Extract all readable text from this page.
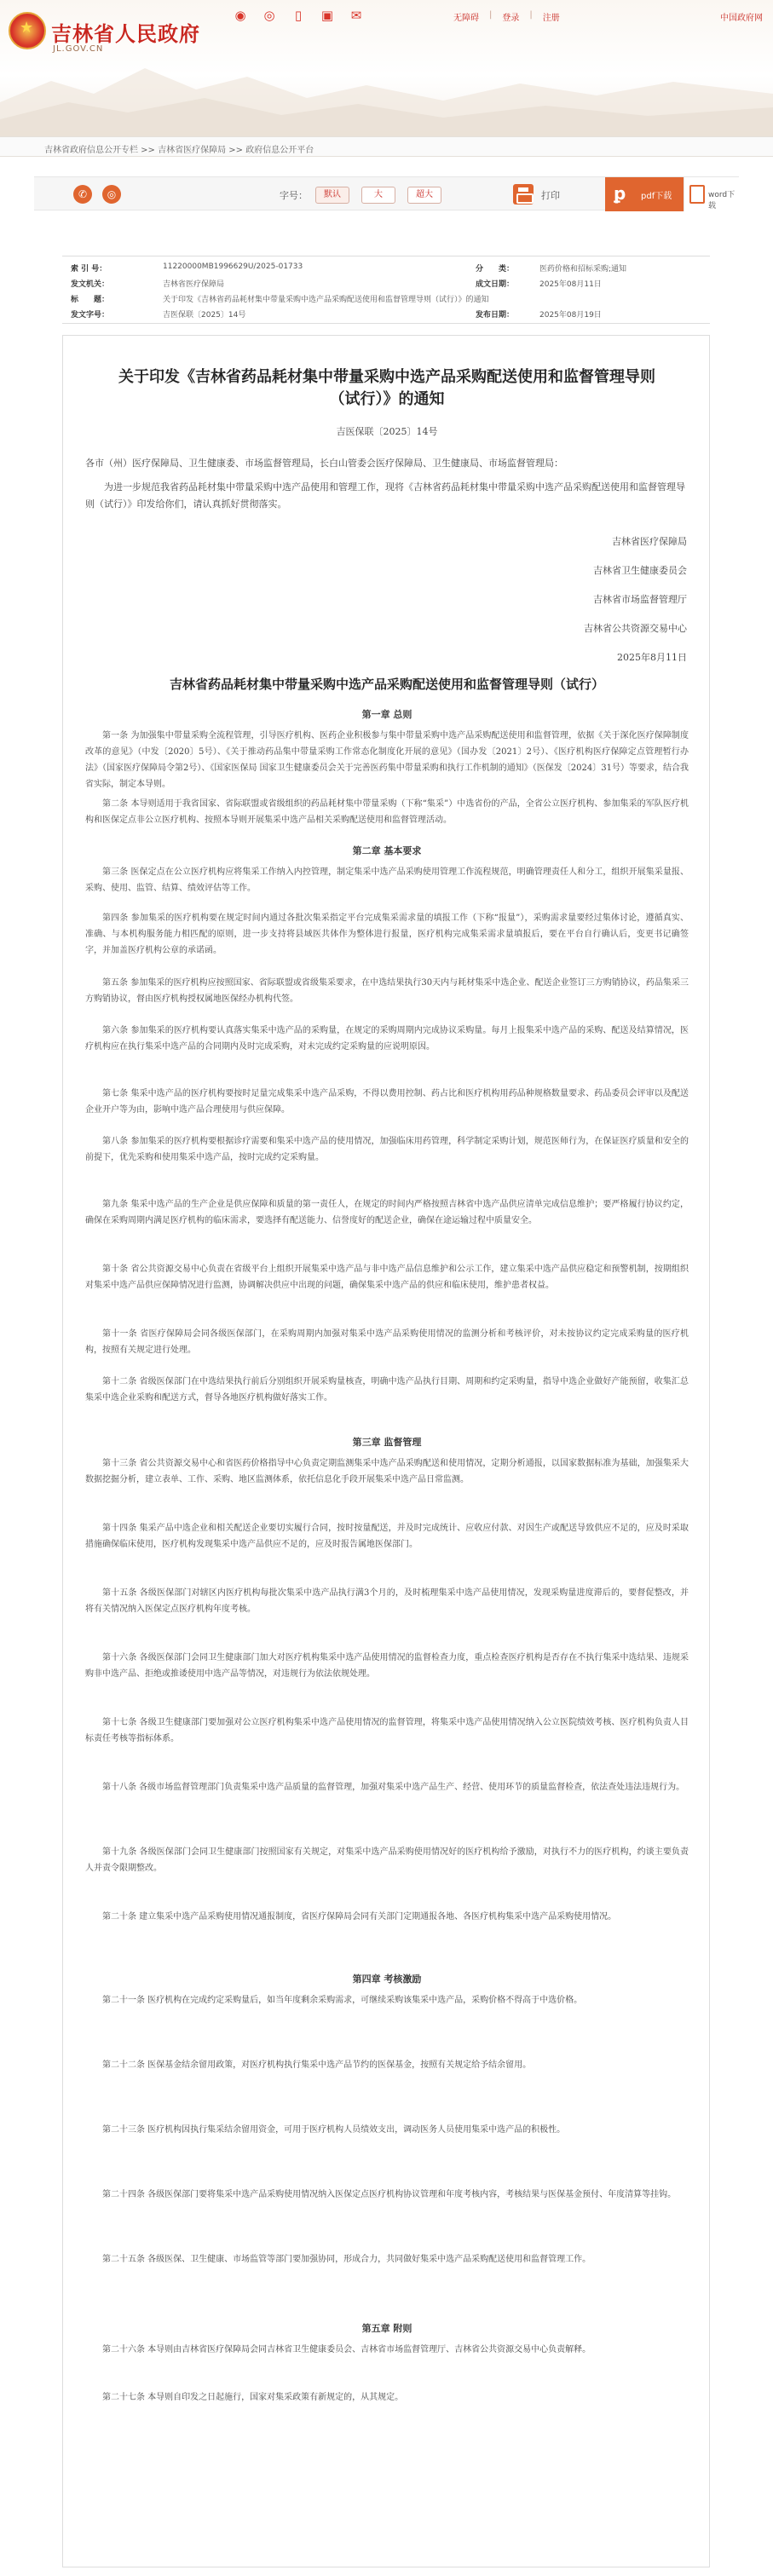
★ 吉林省人民政府
JL.GOV.CN
◉ ◎	▯	▣ ✉	无障碍 | 登录 | 注册	中国政府网
吉林省政府信息公开专栏 >> 吉林省医疗保障局 >> 政府信息公开平台
✆	◎	字号：	默认	大	超大	打印	ꝑ pdf下载	word下载
索 引 号：	11220000MB1996629U/2025-01733	分　　类：	医药价格和招标采购;通知
发文机关：	吉林省医疗保障局	成文日期：	2025年08月11日
标　　题：	关于印发《吉林省药品耗材集中带量采购中选产品采购配送使用和监督管理导则（试行）》的通知
发文字号：	吉医保联〔2025〕14号	发布日期：	2025年08月19日
关于印发《吉林省药品耗材集中带量采购中选产品采购配送使用和监督管理导则（试行）》的通知
吉医保联〔2025〕14号
各市（州）医疗保障局、卫生健康委、市场监督管理局，长白山管委会医疗保障局、卫生健康局、市场监督管理局：
为进一步规范我省药品耗材集中带量采购中选产品使用和管理工作，现将《吉林省药品耗材集中带量采购中选产品采购配送使用和监督管理导则（试行）》印发给你们，请认真抓好贯彻落实。
吉林省医疗保障局
吉林省卫生健康委员会
吉林省市场监督管理厅
吉林省公共资源交易中心
2025年8月11日
吉林省药品耗材集中带量采购中选产品采购配送使用和监督管理导则（试行）
第一章 总则
第一条 为加强集中带量采购全流程管理，引导医疗机构、医药企业积极参与集中带量采购中选产品采购配送使用和监督管理，依据《关于深化医疗保障制度改革的意见》（中发〔2020〕5号）、《关于推动药品集中带量采购工作常态化制度化开展的意见》（国办发〔2021〕2号）、《医疗机构医疗保障定点管理暂行办法》（国家医疗保障局令第2号）、《国家医保局 国家卫生健康委员会关于完善医药集中带量采购和执行工作机制的通知》（医保发〔2024〕31号）等要求，结合我省实际，制定本导则。
第二条 本导则适用于我省国家、省际联盟或省级组织的药品耗材集中带量采购（下称“集采”）中选省份的产品，全省公立医疗机构、参加集采的军队医疗机构和医保定点非公立医疗机构、按照本导则开展集采中选产品相关采购配送使用和监督管理活动。
第二章 基本要求
第三条 医保定点在公立医疗机构应将集采工作纳入内控管理，制定集采中选产品采购使用管理工作流程规范，明确管理责任人和分工，组织开展集采量报、采购、使用、监管、结算、绩效评估等工作。
第四条 参加集采的医疗机构要在规定时间内通过各批次集采指定平台完成集采需求量的填报工作（下称“报量”），采购需求量要经过集体讨论，遵循真实、准确、与本机构服务能力相匹配的原则，进一步支持将县域医共体作为整体进行报量，医疗机构完成集采需求量填报后，要在平台自行确认后，变更书记确签字，并加盖医疗机构公章的承诺函。
第五条 参加集采的医疗机构应按照国家、省际联盟或省级集采要求，在中选结果执行30天内与耗材集采中选企业、配送企业签订三方购销协议，药品集采三方购销协议，督由医疗机构授权属地医保经办机构代签。
第六条 参加集采的医疗机构要认真落实集采中选产品的采购量，在规定的采购周期内完成协议采购量。每月上报集采中选产品的采购、配送及结算情况，医疗机构应在执行集采中选产品的合同期内及时完成采购，对未完成约定采购量的应说明原因。
第七条 集采中选产品的医疗机构要按时足量完成集采中选产品采购，不得以费用控制、药占比和医疗机构用药品种规格数量要求、药品委员会评审以及配送企业开户等为由，影响中选产品合理使用与供应保障。
第八条 参加集采的医疗机构要根据诊疗需要和集采中选产品的使用情况，加强临床用药管理，科学制定采购计划，规范医师行为，在保证医疗质量和安全的前提下，优先采购和使用集采中选产品，按时完成约定采购量。
第九条 集采中选产品的生产企业是供应保障和质量的第一责任人，在规定的时间内严格按照吉林省中选产品供应清单完成信息维护；要严格履行协议约定，确保在采购周期内满足医疗机构的临床需求，要选择有配送能力、信誉度好的配送企业，确保在途运输过程中质量安全。
第十条 省公共资源交易中心负责在省级平台上组织开展集采中选产品与非中选产品信息维护和公示工作，建立集采中选产品供应稳定和预警机制，按期组织对集采中选产品供应保障情况进行监测，协调解决供应中出现的问题，确保集采中选产品的供应和临床使用，维护患者权益。
第十一条 省医疗保障局会同各级医保部门，在采购周期内加强对集采中选产品采购使用情况的监测分析和考核评价，对未按协议约定完成采购量的医疗机构，按照有关规定进行处理。
第十二条 省级医保部门在中选结果执行前后分别组织开展采购量核查，明确中选产品执行目期、周期和约定采购量，指导中选企业做好产能预留，收集汇总集采中选企业采购和配送方式，督导各地医疗机构做好落实工作。
第三章 监督管理
第十三条 省公共资源交易中心和省医药价格指导中心负责定期监测集采中选产品采购配送和使用情况，定期分析通报，以国家数据标准为基础，加强集采大数据挖掘分析，建立表单、工作、采购、地区监测体系，依托信息化手段开展集采中选产品日常监测。
第十四条 集采产品中选企业和相关配送企业要切实履行合同，按时按量配送，并及时完成统计、应收应付款、对因生产或配送导致供应不足的，应及时采取措施确保临床使用，医疗机构发现集采中选产品供应不足的，应及时报告属地医保部门。
第十五条 各级医保部门对辖区内医疗机构每批次集采中选产品执行满3个月的，及时梳理集采中选产品使用情况，发现采购量进度滞后的，要督促整改，并将有关情况纳入医保定点医疗机构年度考核。
第十六条 各级医保部门会同卫生健康部门加大对医疗机构集采中选产品使用情况的监督检查力度，重点检查医疗机构是否存在不执行集采中选结果、违规采购非中选产品、拒绝或推诿使用中选产品等情况，对违规行为依法依规处理。
第十七条 各级卫生健康部门要加强对公立医疗机构集采中选产品使用情况的监督管理，将集采中选产品使用情况纳入公立医院绩效考核、医疗机构负责人目标责任考核等指标体系。
第十八条 各级市场监督管理部门负责集采中选产品质量的监督管理，加强对集采中选产品生产、经营、使用环节的质量监督检查，依法查处违法违规行为。
第十九条 各级医保部门会同卫生健康部门按照国家有关规定，对集采中选产品采购使用情况好的医疗机构给予激励，对执行不力的医疗机构，约谈主要负责人并责令限期整改。
第二十条 建立集采中选产品采购使用情况通报制度，省医疗保障局会同有关部门定期通报各地、各医疗机构集采中选产品采购使用情况。
第四章 考核激励
第二十一条 医疗机构在完成约定采购量后，如当年度剩余采购需求，可继续采购该集采中选产品，采购价格不得高于中选价格。
第二十二条 医保基金结余留用政策，对医疗机构执行集采中选产品节约的医保基金，按照有关规定给予结余留用。
第二十三条 医疗机构因执行集采结余留用资金，可用于医疗机构人员绩效支出，调动医务人员使用集采中选产品的积极性。
第二十四条 各级医保部门要将集采中选产品采购使用情况纳入医保定点医疗机构协议管理和年度考核内容，考核结果与医保基金预付、年度清算等挂钩。
第二十五条 各级医保、卫生健康、市场监管等部门要加强协同，形成合力，共同做好集采中选产品采购配送使用和监督管理工作。
第五章 附则
第二十六条 本导则由吉林省医疗保障局会同吉林省卫生健康委员会、吉林省市场监督管理厅、吉林省公共资源交易中心负责解释。
第二十七条 本导则自印发之日起施行，国家对集采政策有新规定的，从其规定。
